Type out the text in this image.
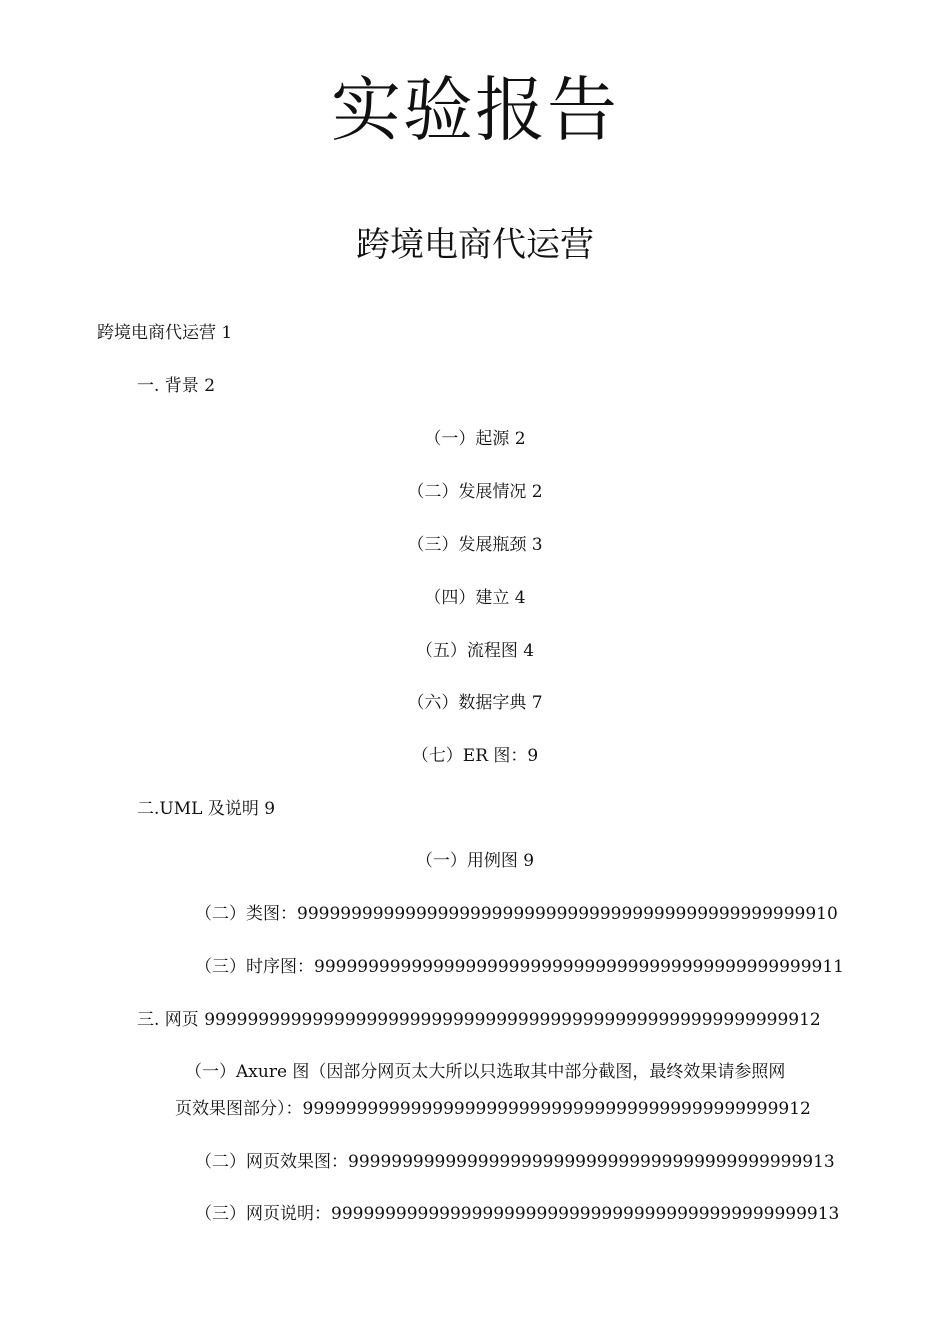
实验报告
跨境电商代运营
跨境电商代运营 1
一. 背景 2
（一）起源 2
（二）发展情况 2
（三）发展瓶颈 3
（四）建立 4
（五）流程图 4
（六）数据字典 7
（七）ER 图：9
二.UML 及说明 9
（一）用例图 9
（二）类图：99999999999999999999999999999999999999999999999910
（三）时序图：9999999999999999999999999999999999999999999999911
三. 网页 999999999999999999999999999999999999999999999999999999912
（一）Axure 图（因部分网页太大所以只选取其中部分截图，最终效果请参照网
页效果图部分）：99999999999999999999999999999999999999999999912
（二）网页效果图：999999999999999999999999999999999999999999913
（三）网页说明：99999999999999999999999999999999999999999999913
